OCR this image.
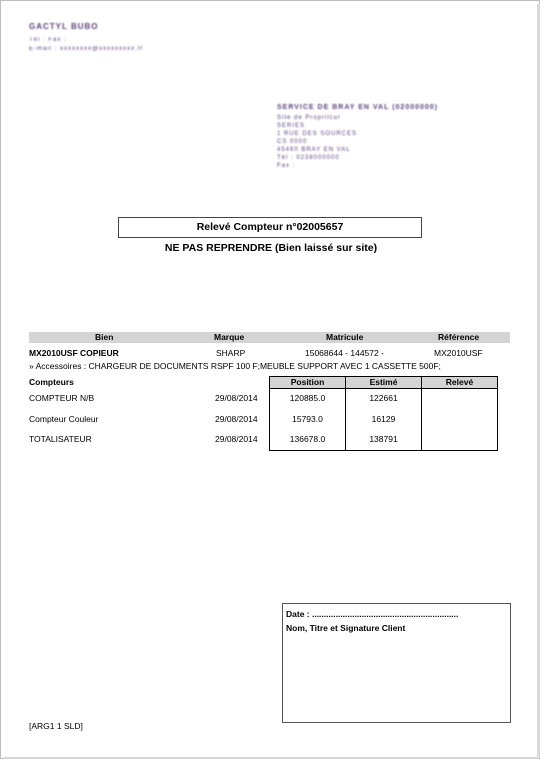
GACTYL BUBO
Tél : Fax :
E-mail : xxxxxxxx@xxxxxxxxx.fr
SERVICE DE BRAY EN VAL (02000000)
Site de Proprilcur
SERIES
1 RUE DES SOURCES
CS 0000
45460 BRAY EN VAL
Tél : 0238000000
Fax :
Relevé Compteur n°02005657
NE PAS REPRENDRE (Bien laissé sur site)
Bien	Marque	Matricule	Référence
MX2010USF COPIEUR	SHARP	15068644 - 144572 -	MX2010USF
» Accessoires : CHARGEUR DE DOCUMENTS RSPF 100 F;MEUBLE SUPPORT AVEC 1 CASSETTE 500F;
Compteurs	Position	Estimé	Relevé
COMPTEUR N/B	29/08/2014	120885.0	122661
Compteur Couleur	29/08/2014	15793.0	16129
TOTALISATEUR	29/08/2014	136678.0	138791
Date : ..............................................................
Nom, Titre et Signature Client
[ARG1 1 SLD]
